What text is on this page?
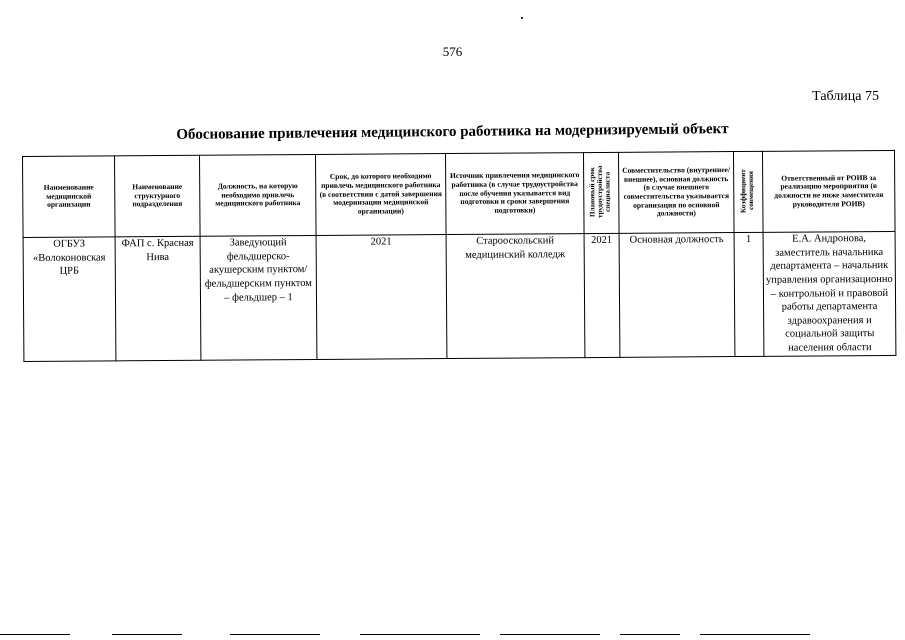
576
Таблица 75
Обоснование привлечения медицинского работника на модернизируемый объект
Наименование медицинской организации	Наименование структурного подразделения	Должность, на которую необходимо привлечь медицинского работника	Срок, до которого необходимо привлечь медицинского работника (в соответствии с датой завершения модернизации медицинской организации)	Источник привлечения медицинского работника (в случае трудоустройства после обучения указывается вид подготовки и сроки завершения подготовки)	Плановый срок трудоустройства специалиста	Совместительство (внутреннее/ внешнее), основная должность (в случае внешнего совместительства указывается организация по основной должности)	Коэффициент совмещения	Ответственный от РОИВ за реализацию мероприятия (в должности не ниже заместителя руководителя РОИВ)
ОГБУЗ «Волоконовская ЦРБ	ФАП с. Красная Нива	Заведующий фельдшерско-акушерским пунктом/фельдшерским пунктом – фельдшер – 1	2021	Старооскольский медицинский колледж	2021	Основная должность	1	Е.А. Андронова, заместитель начальника департамента – начальник управления организационно – контрольной и правовой работы департамента здравоохранения и социальной защиты населения области
